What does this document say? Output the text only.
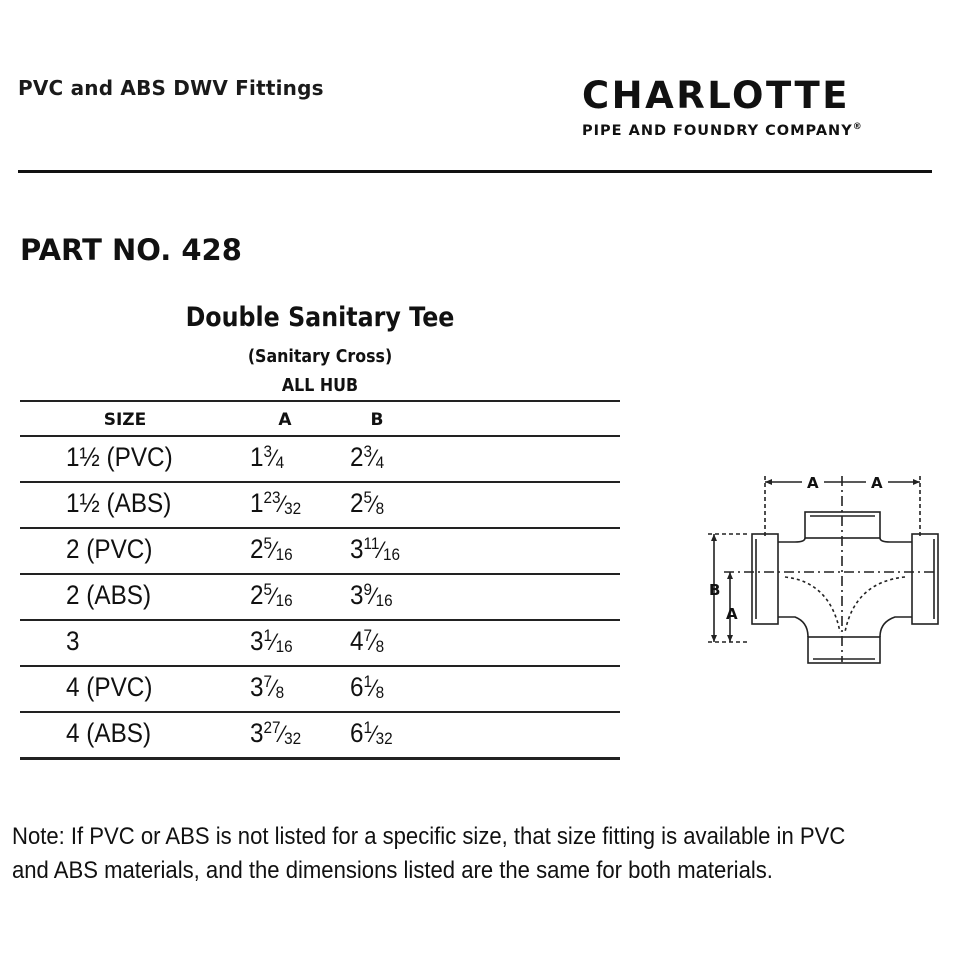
PVC and ABS DWV Fittings	CHARLOTTE
PIPE AND FOUNDRY COMPANY®
PART NO. 428
Double Sanitary Tee
(Sanitary Cross)
ALL HUB
SIZE	A	B
1½ (PVC)	$1^3⁄_4$ $2^3⁄_4$
1½ (ABS)	$1^{23}⁄_{32}$ $2^5⁄_8$
2 (PVC)	$2^5⁄_{16}$ $3^{11}⁄_{16}$
2 (ABS)	$2^5⁄_{16}$ $3^9⁄_{16}$
3	$3^1⁄_{16}$ $4^7⁄_8$
4 (PVC)	$3^7⁄_8$ $6^1⁄_8$
4 (ABS)	$3^{27}⁄_{32}$ $6^1⁄_{32}$
A	A
B
A
Note: If PVC or ABS is not listed for a specific size, that size fitting is available in PVC and ABS materials, and the dimensions listed are the same for both materials.
